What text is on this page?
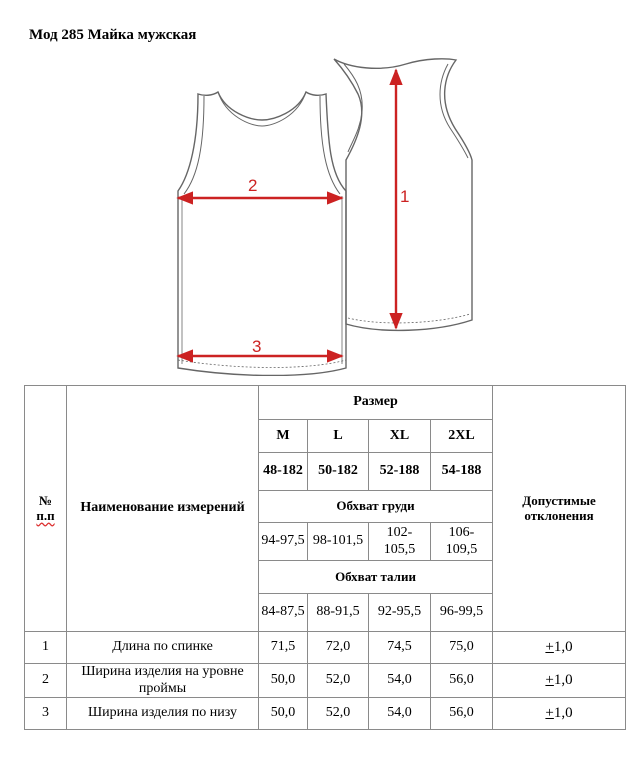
Мод 285 Майка мужская
1
2
3
№
п.п	Наименование измерений	Размер				Допустимые отклонения
		M	L	XL	2XL	
		48-182	50-182	52-188	54-188	
		Обхват груди				
		94-97,5	98-101,5	102-105,5	106-109,5	
		Обхват талии				
		84-87,5	88-91,5	92-95,5	96-99,5	
1	Длина по спинке	71,5	72,0	74,5	75,0	+1,0
2	Ширина изделия на уровне проймы	50,0	52,0	54,0	56,0	+1,0
3	Ширина изделия по низу	50,0	52,0	54,0	56,0	+1,0
